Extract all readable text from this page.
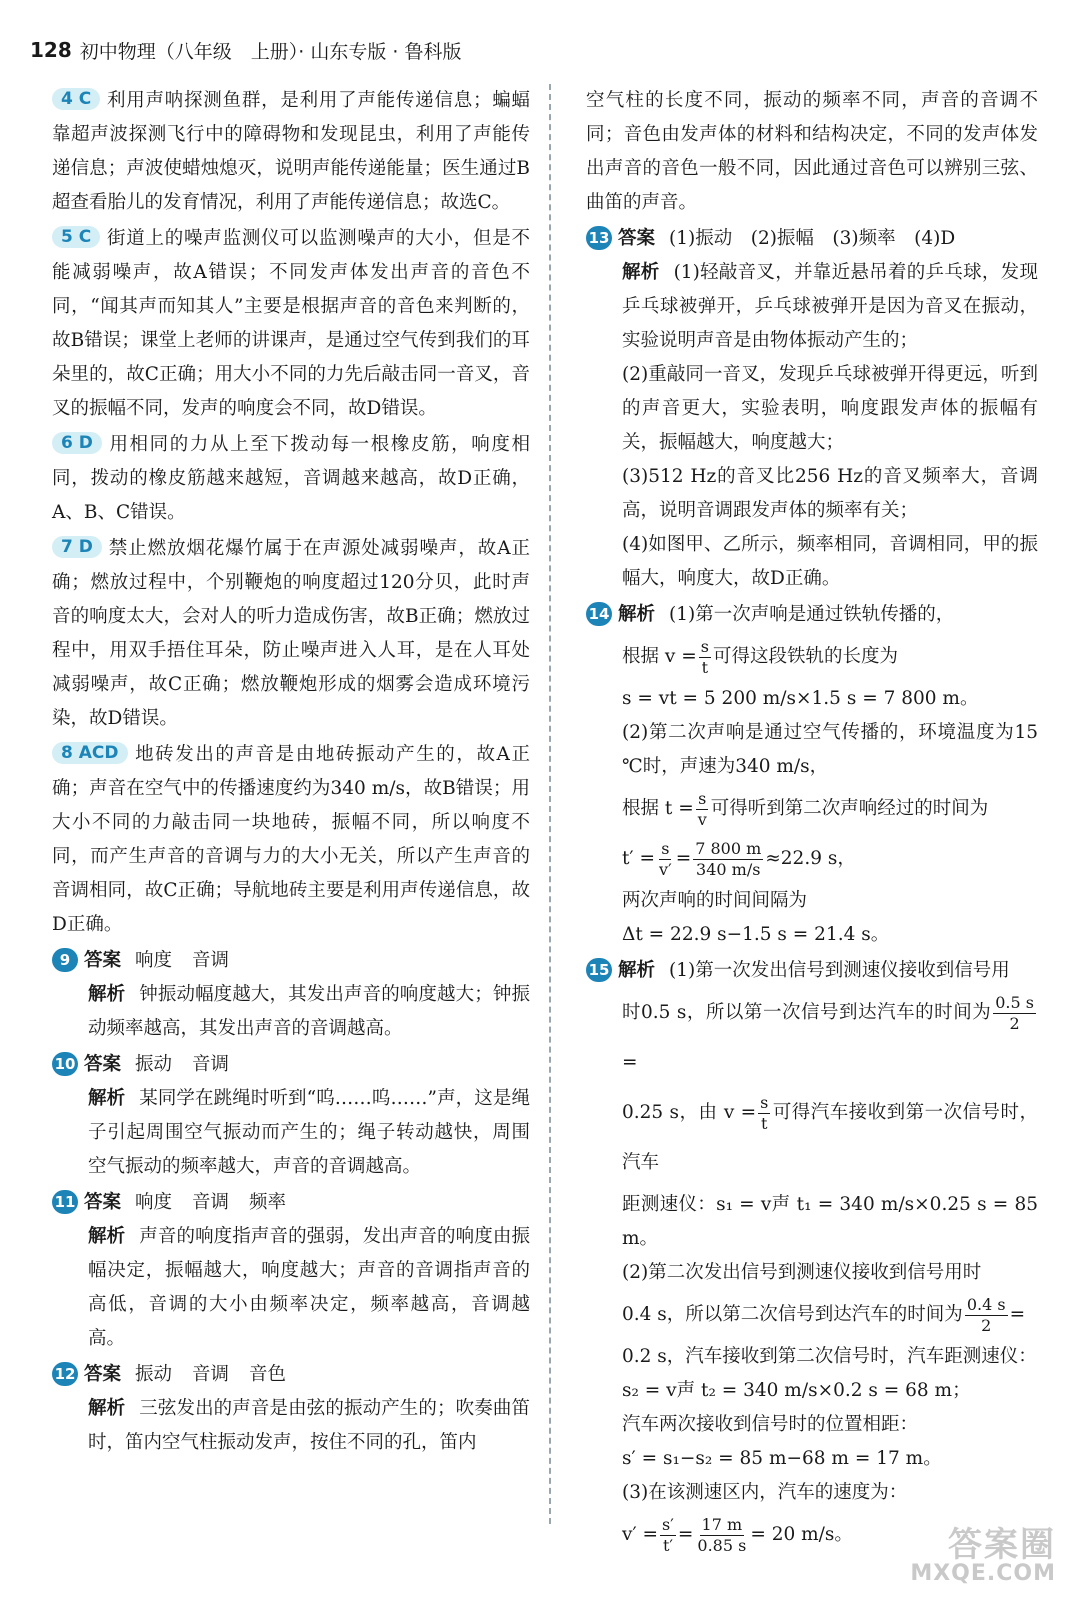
128 初中物理（八年级　上册）· 山东专版 · 鲁科版

4 C 利用声呐探测鱼群，是利用了声能传递信息；蝙蝠靠超声波探测飞行中的障碍物和发现昆虫，利用了声能传递信息；声波使蜡烛熄灭，说明声能传递能量；医生通过B超查看胎儿的发育情况，利用了声能传递信息；故选C。

5 C 街道上的噪声监测仪可以监测噪声的大小，但是不能减弱噪声，故A错误；不同发声体发出声音的音色不同，“闻其声而知其人”主要是根据声音的音色来判断的，故B错误；课堂上老师的讲课声，是通过空气传到我们的耳朵里的，故C正确；用大小不同的力先后敲击同一音叉，音叉的振幅不同，发声的响度会不同，故D错误。

6 D 用相同的力从上至下拨动每一根橡皮筋，响度相同，拨动的橡皮筋越来越短，音调越来越高，故D正确，A、B、C错误。

7 D 禁止燃放烟花爆竹属于在声源处减弱噪声，故A正确；燃放过程中，个别鞭炮的响度超过120分贝，此时声音的响度太大，会对人的听力造成伤害，故B正确；燃放过程中，用双手捂住耳朵，防止噪声进入人耳，是在人耳处减弱噪声，故C正确；燃放鞭炮形成的烟雾会造成环境污染，故D错误。

8 ACD 地砖发出的声音是由地砖振动产生的，故A正确；声音在空气中的传播速度约为340 m/s，故B错误；用大小不同的力敲击同一块地砖，振幅不同，所以响度不同，而产生声音的音调与力的大小无关，所以产生声音的音调相同，故C正确；导航地砖主要是利用声传递信息，故D正确。

9 答案 响度 音调

解析 钟振动幅度越大，其发出声音的响度越大；钟振动频率越高，其发出声音的音调越高。

10 答案 振动 音调

解析 某同学在跳绳时听到“呜……呜……”声，这是绳子引起周围空气振动而产生的；绳子转动越快，周围空气振动的频率越大，声音的音调越高。

11 答案 响度 音调 频率

解析 声音的响度指声音的强弱，发出声音的响度由振幅决定，振幅越大，响度越大；声音的音调指声音的高低，音调的大小由频率决定，频率越高，音调越高。

12 答案 振动 音调 音色

解析 三弦发出的声音是由弦的振动产生的；吹奏曲笛时，笛内空气柱振动发声，按住不同的孔，笛内

空气柱的长度不同，振动的频率不同，声音的音调不同；音色由发声体的材料和结构决定，不同的发声体发出声音的音色一般不同，因此通过音色可以辨别三弦、曲笛的声音。

13 答案 (1)振动　(2)振幅　(3)频率　(4)D

解析 (1)轻敲音叉，并靠近悬吊着的乒乓球，发现乒乓球被弹开，乒乓球被弹开是因为音叉在振动，实验说明声音是由物体振动产生的；

(2)重敲同一音叉，发现乒乓球被弹开得更远，听到的声音更大，实验表明，响度跟发声体的振幅有关，振幅越大，响度越大；

(3)512 Hz的音叉比256 Hz的音叉频率大，音调高，说明音调跟发声体的频率有关；

(4)如图甲、乙所示，频率相同，音调相同，甲的振幅大，响度大，故D正确。

14 解析 (1)第一次声响是通过铁轨传播的，

根据 $v = \frac{s}{t}$ 可得这段铁轨的长度为

s = vt = 5 200 m/s×1.5 s = 7 800 m。

(2)第二次声响是通过空气传播的，环境温度为15 ℃时，声速为340 m/s，

根据 $t = \frac{s}{v}$ 可得听到第二次声响经过的时间为

$t' = \frac{s}{v'} = \frac{7 800 m}{340 m/s} \approx 22.9$ s，

两次声响的时间间隔为

Δt = 22.9 s−1.5 s = 21.4 s。

15 解析 (1)第一次发出信号到测速仪接收到信号用

时0.5 s，所以第一次信号到达汽车的时间为 $\frac{0.5 s}{2}$
=

0.25 s，由 $v = \frac{s}{t}$ 可得汽车接收到第一次信号时，汽车

距测速仪：s₁ = v声 t₁ = 340 m/s×0.25 s = 85 m。

(2)第二次发出信号到测速仪接收到信号用时

0.4 s，所以第二次信号到达汽车的时间为 $\frac{0.4 s}{2}$ =

0.2 s，汽车接收到第二次信号时，汽车距测速仪：

s₂ = v声 t₂ = 340 m/s×0.2 s = 68 m；

汽车两次接收到信号时的位置相距：

s′ = s₁−s₂ = 85 m−68 m = 17 m。

(3)在该测速区内，汽车的速度为：

$v' = \frac{s'}{t'} = \frac{17 m}{0.85 s} = 20$ m/s。	答案圈
MXQE.COM
